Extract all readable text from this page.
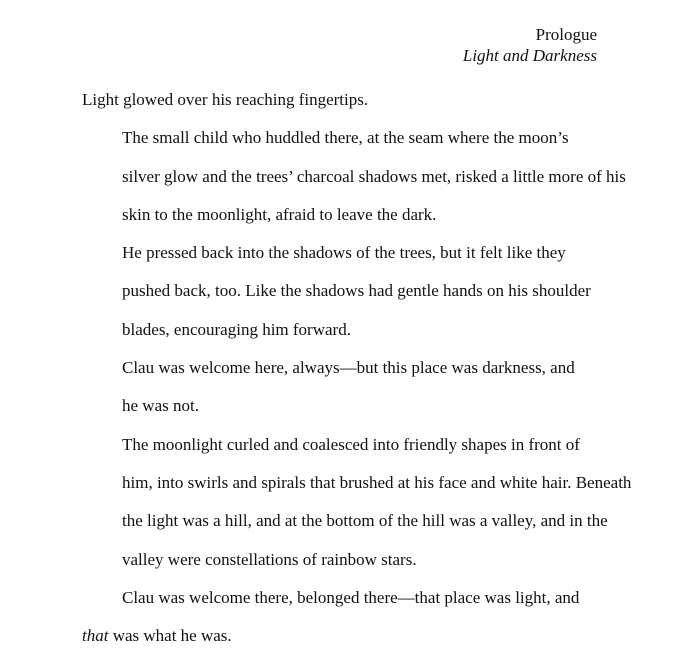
Prologue
Light and Darkness

Light glowed over his reaching fingertips.

The small child who huddled there, at the seam where the moon’s
silver glow and the trees’ charcoal shadows met, risked a little more of his
skin to the moonlight, afraid to leave the dark.

He pressed back into the shadows of the trees, but it felt like they
pushed back, too. Like the shadows had gentle hands on his shoulder
blades, encouraging him forward.

Clau was welcome here, always—but this place was darkness, and
he was not.

The moonlight curled and coalesced into friendly shapes in front of
him, into swirls and spirals that brushed at his face and white hair. Beneath
the light was a hill, and at the bottom of the hill was a valley, and in the
valley were constellations of rainbow stars.

Clau was welcome there, belonged there—that place was light, and
that was what he was.
